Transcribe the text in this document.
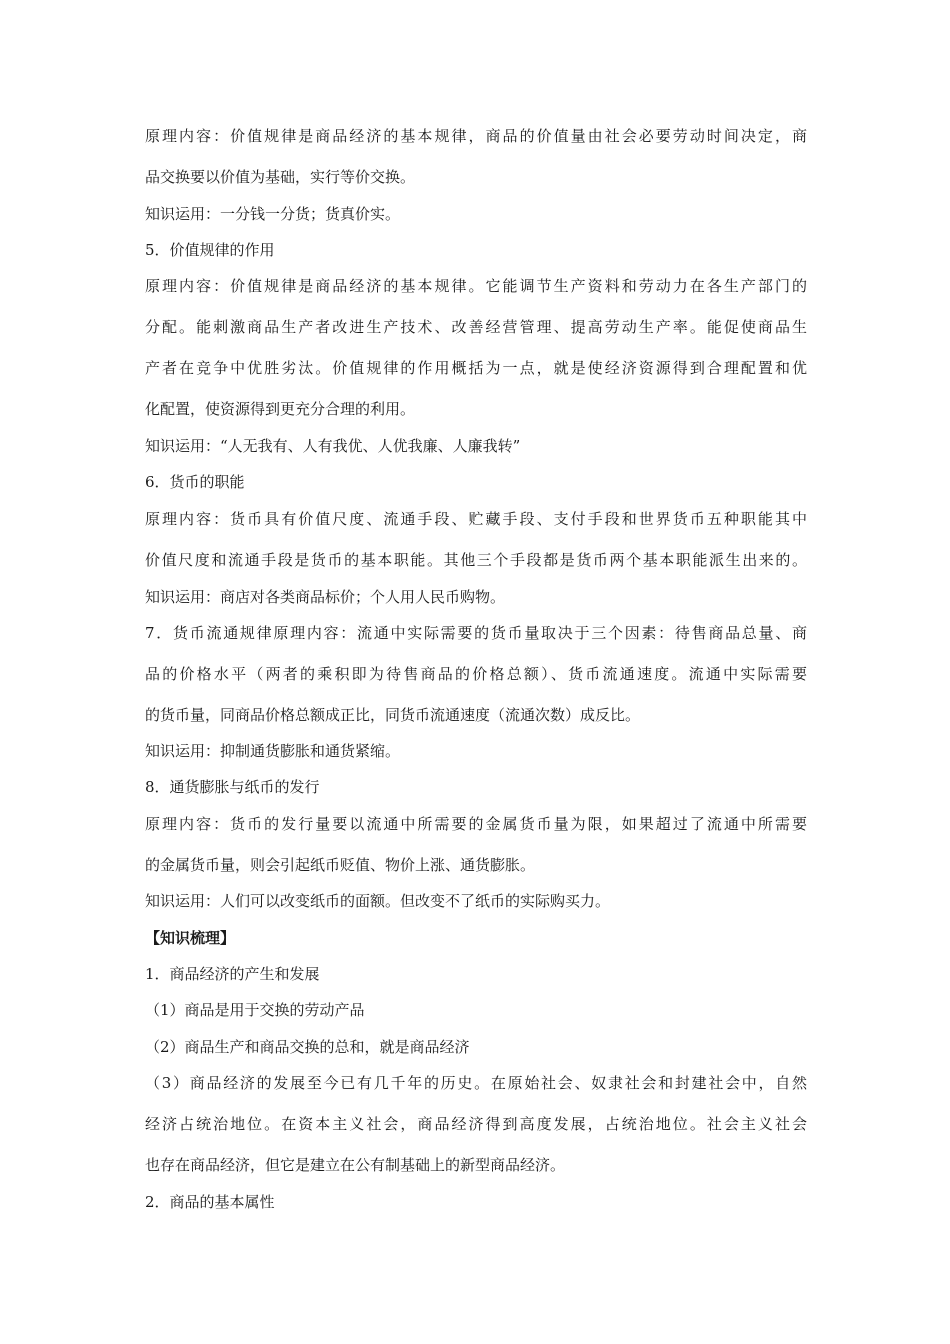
原理内容：价值规律是商品经济的基本规律，商品的价值量由社会必要劳动时间决定，商
品交换要以价值为基础，实行等价交换。
知识运用：一分钱一分货；货真价实。
5．价值规律的作用
原理内容：价值规律是商品经济的基本规律。它能调节生产资料和劳动力在各生产部门的
分配。能刺激商品生产者改进生产技术、改善经营管理、提高劳动生产率。能促使商品生
产者在竞争中优胜劣汰。价值规律的作用概括为一点，就是使经济资源得到合理配置和优
化配置，使资源得到更充分合理的利用。
知识运用：“人无我有、人有我优、人优我廉、人廉我转”
6．货币的职能
原理内容：货币具有价值尺度、流通手段、贮藏手段、支付手段和世界货币五种职能其中
价值尺度和流通手段是货币的基本职能。其他三个手段都是货币两个基本职能派生出来的。
知识运用：商店对各类商品标价；个人用人民币购物。
7．货币流通规律原理内容：流通中实际需要的货币量取决于三个因素：待售商品总量、商
品的价格水平（两者的乘积即为待售商品的价格总额）、货币流通速度。流通中实际需要
的货币量，同商品价格总额成正比，同货币流通速度（流通次数）成反比。
知识运用：抑制通货膨胀和通货紧缩。
8．通货膨胀与纸币的发行
原理内容：货币的发行量要以流通中所需要的金属货币量为限，如果超过了流通中所需要
的金属货币量，则会引起纸币贬值、物价上涨、通货膨胀。
知识运用：人们可以改变纸币的面额。但改变不了纸币的实际购买力。
【知识梳理】
1．商品经济的产生和发展
（1）商品是用于交换的劳动产品
（2）商品生产和商品交换的总和，就是商品经济
（3）商品经济的发展至今已有几千年的历史。在原始社会、奴隶社会和封建社会中，自然
经济占统治地位。在资本主义社会，商品经济得到高度发展，占统治地位。社会主义社会
也存在商品经济，但它是建立在公有制基础上的新型商品经济。
2．商品的基本属性
